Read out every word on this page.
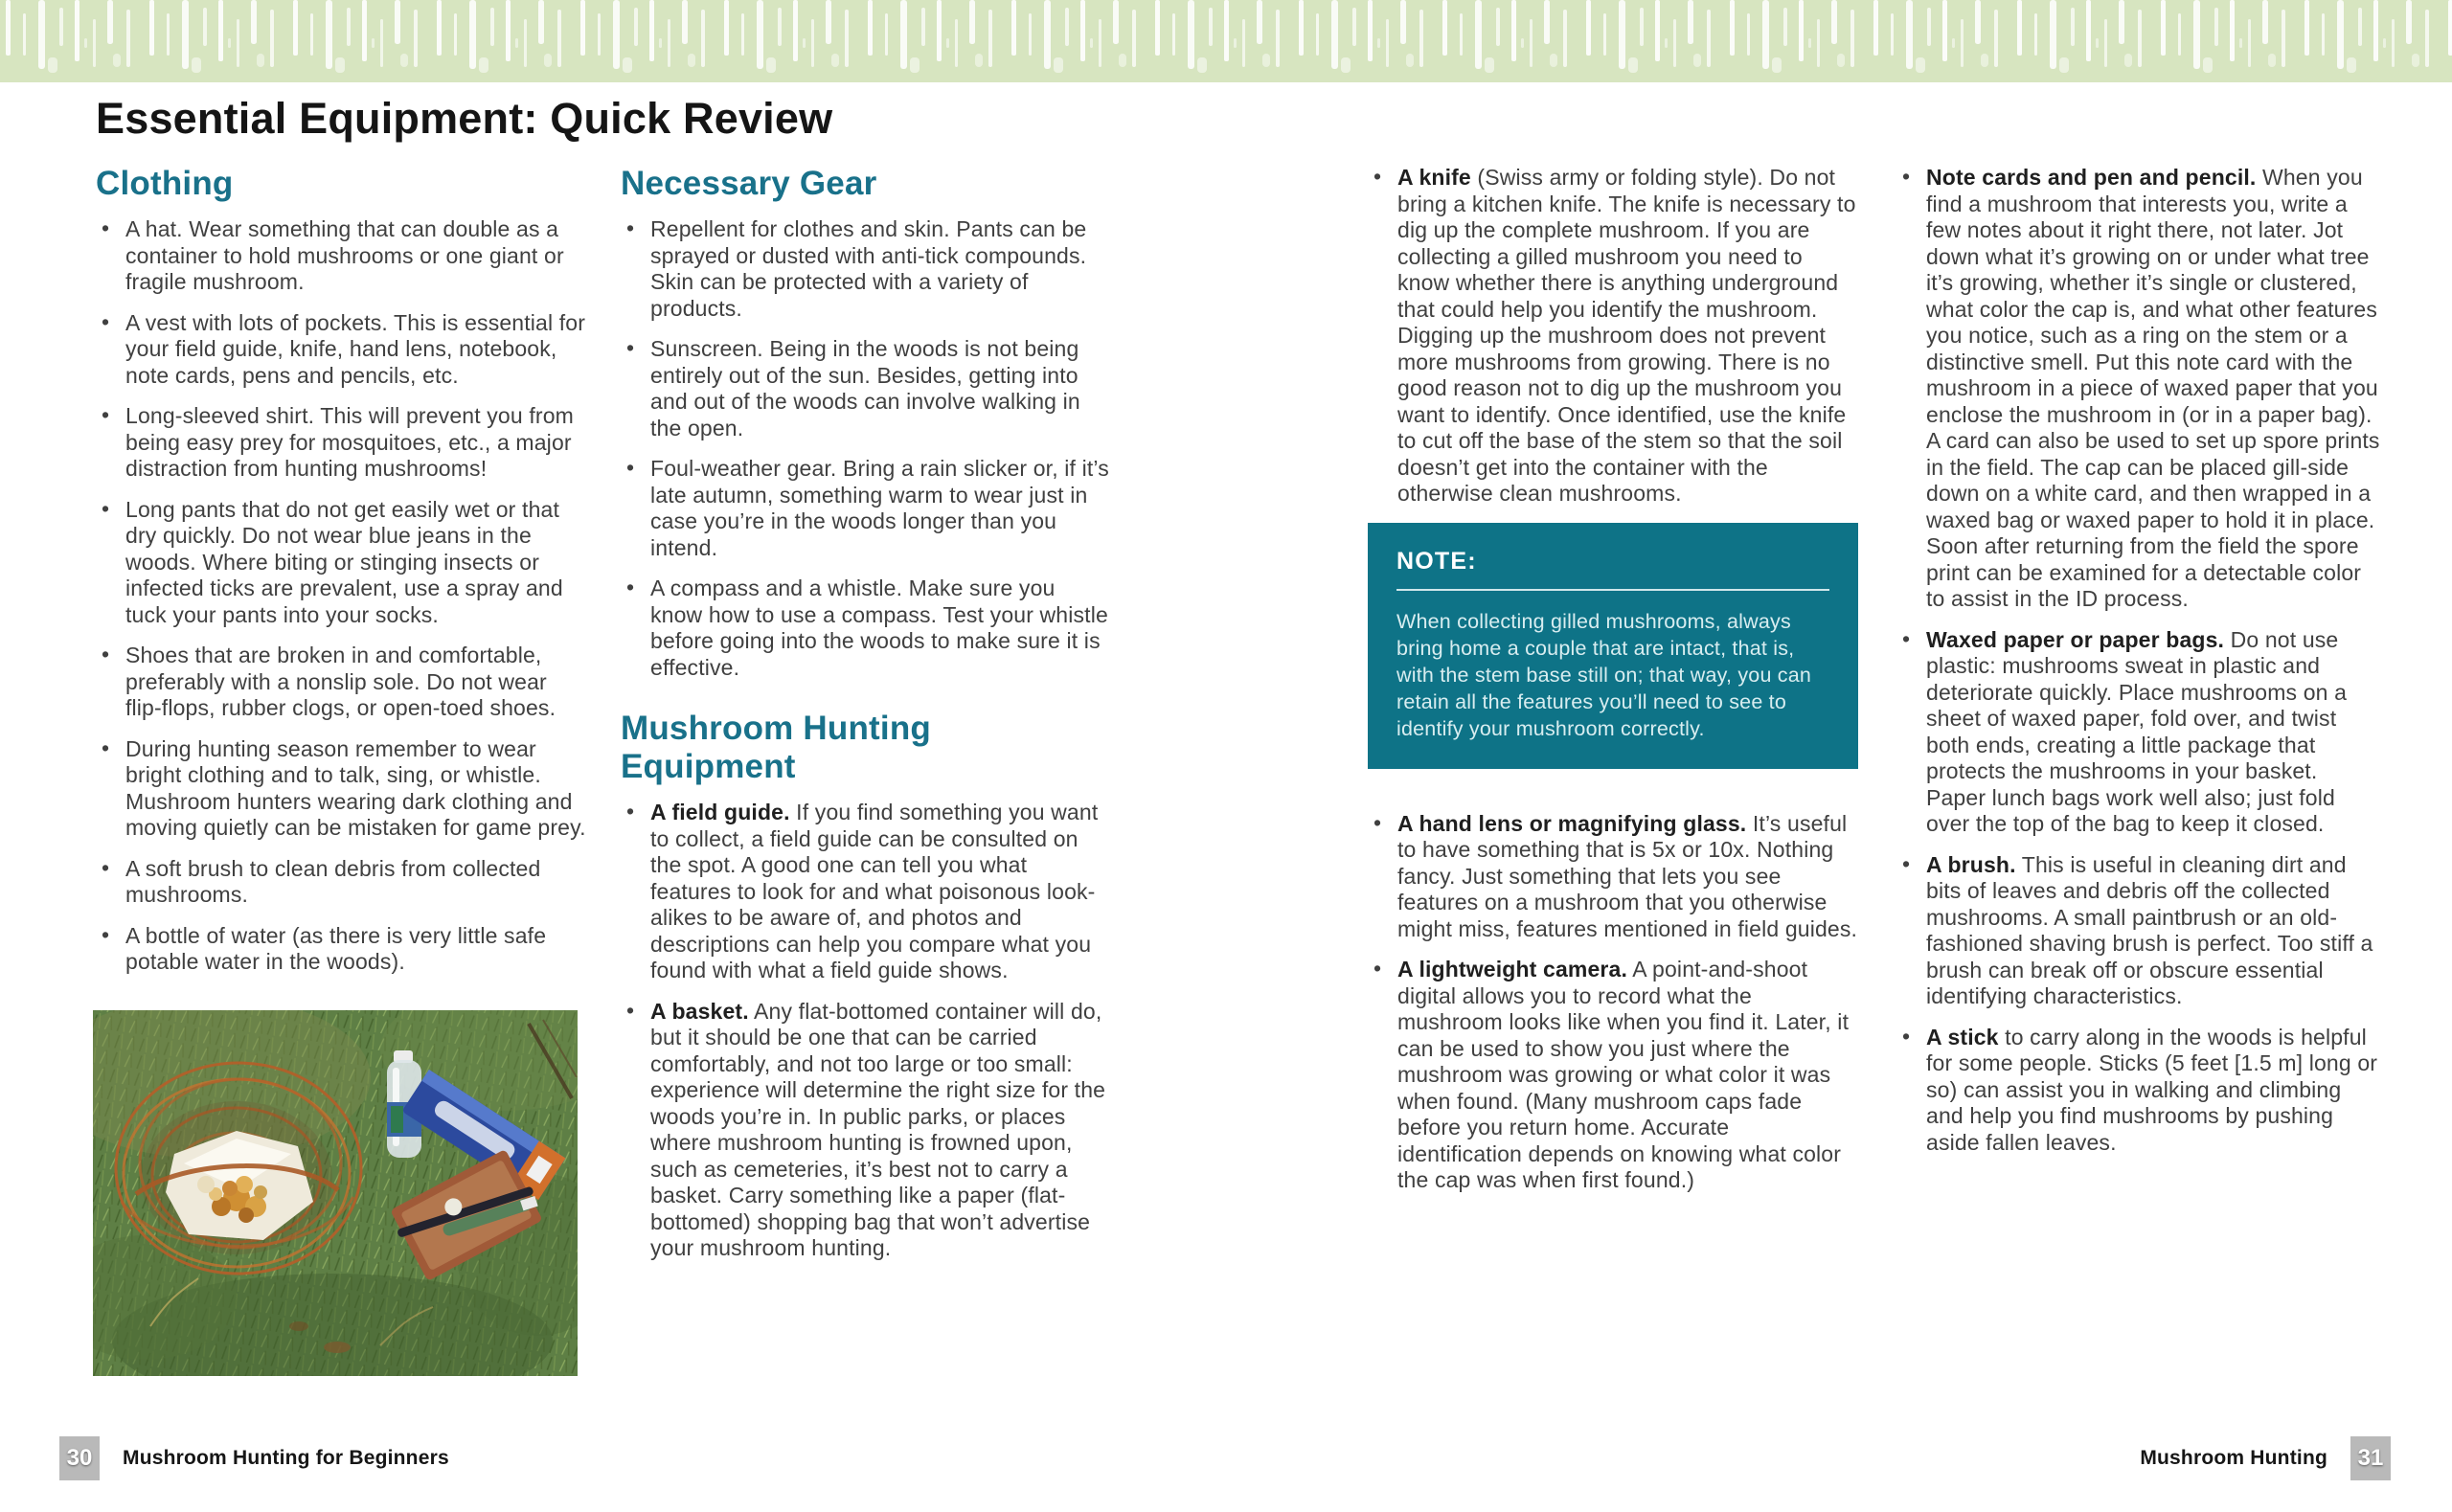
Essential Equipment: Quick Review
Clothing
• A hat. Wear something that can double as a container to hold mushrooms or one giant or fragile mushroom.
• A vest with lots of pockets. This is essential for your field guide, knife, hand lens, notebook, note cards, pens and pencils, etc.
• Long-sleeved shirt. This will prevent you from being easy prey for mosquitoes, etc., a major distraction from hunting mushrooms!
• Long pants that do not get easily wet or that dry quickly. Do not wear blue jeans in the woods. Where biting or stinging insects or infected ticks are prevalent, use a spray and tuck your pants into your socks.
• Shoes that are broken in and comfortable, preferably with a nonslip sole. Do not wear flip-flops, rubber clogs, or open-toed shoes.
• During hunting season remember to wear bright clothing and to talk, sing, or whistle. Mushroom hunters wearing dark clothing and moving quietly can be mistaken for game prey.
• A soft brush to clean debris from collected mushrooms.
• A bottle of water (as there is very little safe potable water in the woods).
Necessary Gear
• Repellent for clothes and skin. Pants can be sprayed or dusted with anti-tick compounds. Skin can be protected with a variety of products.
• Sunscreen. Being in the woods is not being entirely out of the sun. Besides, getting into and out of the woods can involve walking in the open.
• Foul-weather gear. Bring a rain slicker or, if it’s late autumn, something warm to wear just in case you’re in the woods longer than you intend.
• A compass and a whistle. Make sure you know how to use a compass. Test your whistle before going into the woods to make sure it is effective.
Mushroom Hunting Equipment
• A field guide. If you find something you want to collect, a field guide can be consulted on the spot. A good one can tell you what features to look for and what poisonous look-alikes to be aware of, and photos and descriptions can help you compare what you found with what a field guide shows.
• A basket. Any flat-bottomed container will do, but it should be one that can be carried comfortably, and not too large or too small: experience will determine the right size for the woods you’re in. In public parks, or places where mushroom hunting is frowned upon, such as cemeteries, it’s best not to carry a basket. Carry something like a paper (flat-bottomed) shopping bag that won’t advertise your mushroom hunting.
• A knife (Swiss army or folding style). Do not bring a kitchen knife. The knife is necessary to dig up the complete mushroom. If you are collecting a gilled mushroom you need to know whether there is anything underground that could help you identify the mushroom. Digging up the mushroom does not prevent more mushrooms from growing. There is no good reason not to dig up the mushroom you want to identify. Once identified, use the knife to cut off the base of the stem so that the soil doesn’t get into the container with the otherwise clean mushrooms.

NOTE:

When collecting gilled mushrooms, always bring home a couple that are intact, that is, with the stem base still on; that way, you can retain all the features you’ll need to see to identify your mushroom correctly.

• A hand lens or magnifying glass. It’s useful to have something that is 5x or 10x. Nothing fancy. Just something that lets you see features on a mushroom that you otherwise might miss, features mentioned in field guides.
• A lightweight camera. A point-and-shoot digital allows you to record what the mushroom looks like when you find it. Later, it can be used to show you just where the mushroom was growing or what color it was when found. (Many mushroom caps fade before you return home. Accurate identification depends on knowing what color the cap was when first found.)
• Note cards and pen and pencil. When you find a mushroom that interests you, write a few notes about it right there, not later. Jot down what it’s growing on or under what tree it’s growing, whether it’s single or clustered, what color the cap is, and what other features you notice, such as a ring on the stem or a distinctive smell. Put this note card with the mushroom in a piece of waxed paper that you enclose the mushroom in (or in a paper bag). A card can also be used to set up spore prints in the field. The cap can be placed gill-side down on a white card, and then wrapped in a waxed bag or waxed paper to hold it in place. Soon after returning from the field the spore print can be examined for a detectable color to assist in the ID process.
• Waxed paper or paper bags. Do not use plastic: mushrooms sweat in plastic and deteriorate quickly. Place mushrooms on a sheet of waxed paper, fold over, and twist both ends, creating a little package that protects the mushrooms in your basket. Paper lunch bags work well also; just fold over the top of the bag to keep it closed.
• A brush. This is useful in cleaning dirt and bits of leaves and debris off the collected mushrooms. A small paintbrush or an old-fashioned shaving brush is perfect. Too stiff a brush can break off or obscure essential identifying characteristics.
• A stick to carry along in the woods is helpful for some people. Sticks (5 feet [1.5 m] long or so) can assist you in walking and climbing and help you find mushrooms by pushing aside fallen leaves.
30	Mushroom Hunting for Beginners	Mushroom Hunting	31
